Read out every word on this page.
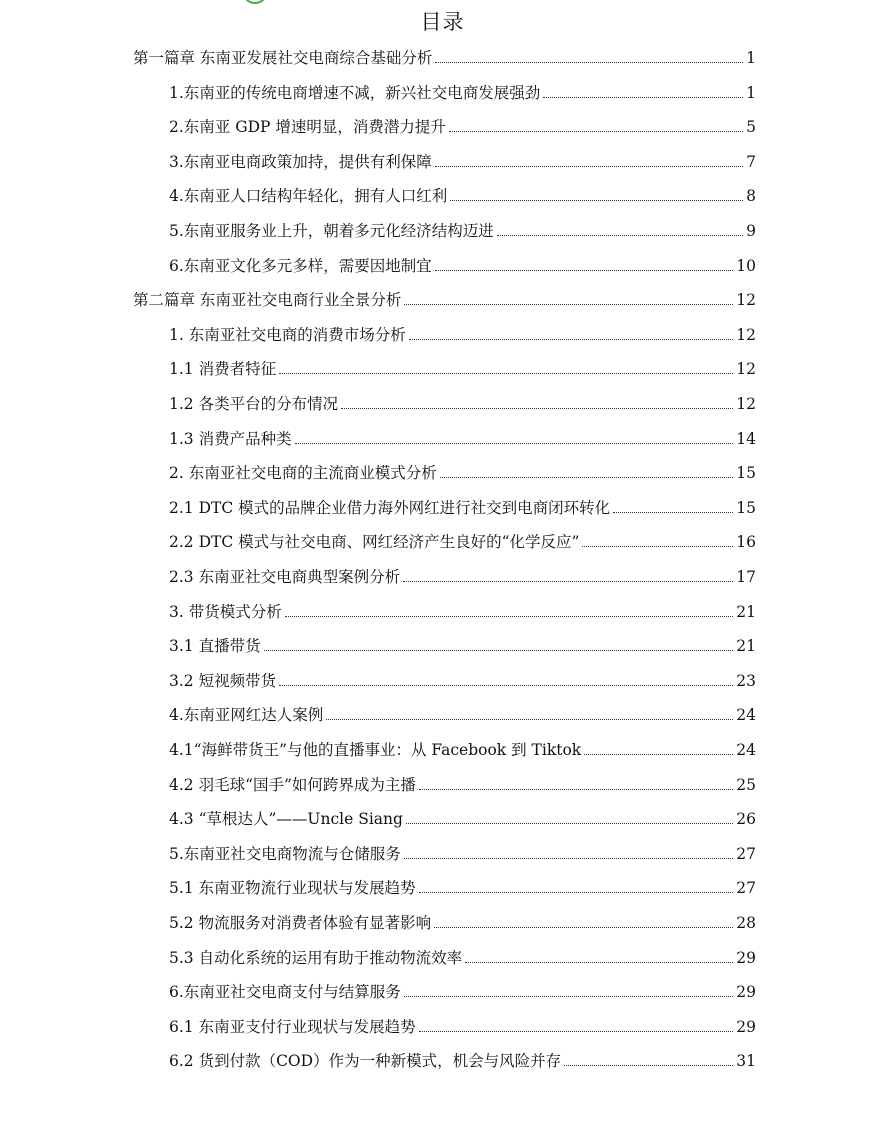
目录
第一篇章 东南亚发展社交电商综合基础分析	1
1.东南亚的传统电商增速不减，新兴社交电商发展强劲	1
2.东南亚 GDP 增速明显，消费潜力提升	5
3.东南亚电商政策加持，提供有利保障	7
4.东南亚人口结构年轻化，拥有人口红利	8
5.东南亚服务业上升，朝着多元化经济结构迈进	9
6.东南亚文化多元多样，需要因地制宜	10
第二篇章 东南亚社交电商行业全景分析	12
1. 东南亚社交电商的消费市场分析	12
1.1 消费者特征	12
1.2 各类平台的分布情况	12
1.3 消费产品种类	14
2. 东南亚社交电商的主流商业模式分析	15
2.1 DTC 模式的品牌企业借力海外网红进行社交到电商闭环转化	15
2.2 DTC 模式与社交电商、网红经济产生良好的“化学反应”	16
2.3 东南亚社交电商典型案例分析	17
3. 带货模式分析	21
3.1 直播带货	21
3.2 短视频带货	23
4.东南亚网红达人案例	24
4.1“海鲜带货王”与他的直播事业：从 Facebook 到 Tiktok	24
4.2 羽毛球“国手”如何跨界成为主播	25
4.3 “草根达人”——Uncle Siang	26
5.东南亚社交电商物流与仓储服务	27
5.1 东南亚物流行业现状与发展趋势	27
5.2 物流服务对消费者体验有显著影响	28
5.3 自动化系统的运用有助于推动物流效率	29
6.东南亚社交电商支付与结算服务	29
6.1 东南亚支付行业现状与发展趋势	29
6.2 货到付款（COD）作为一种新模式，机会与风险并存	31
